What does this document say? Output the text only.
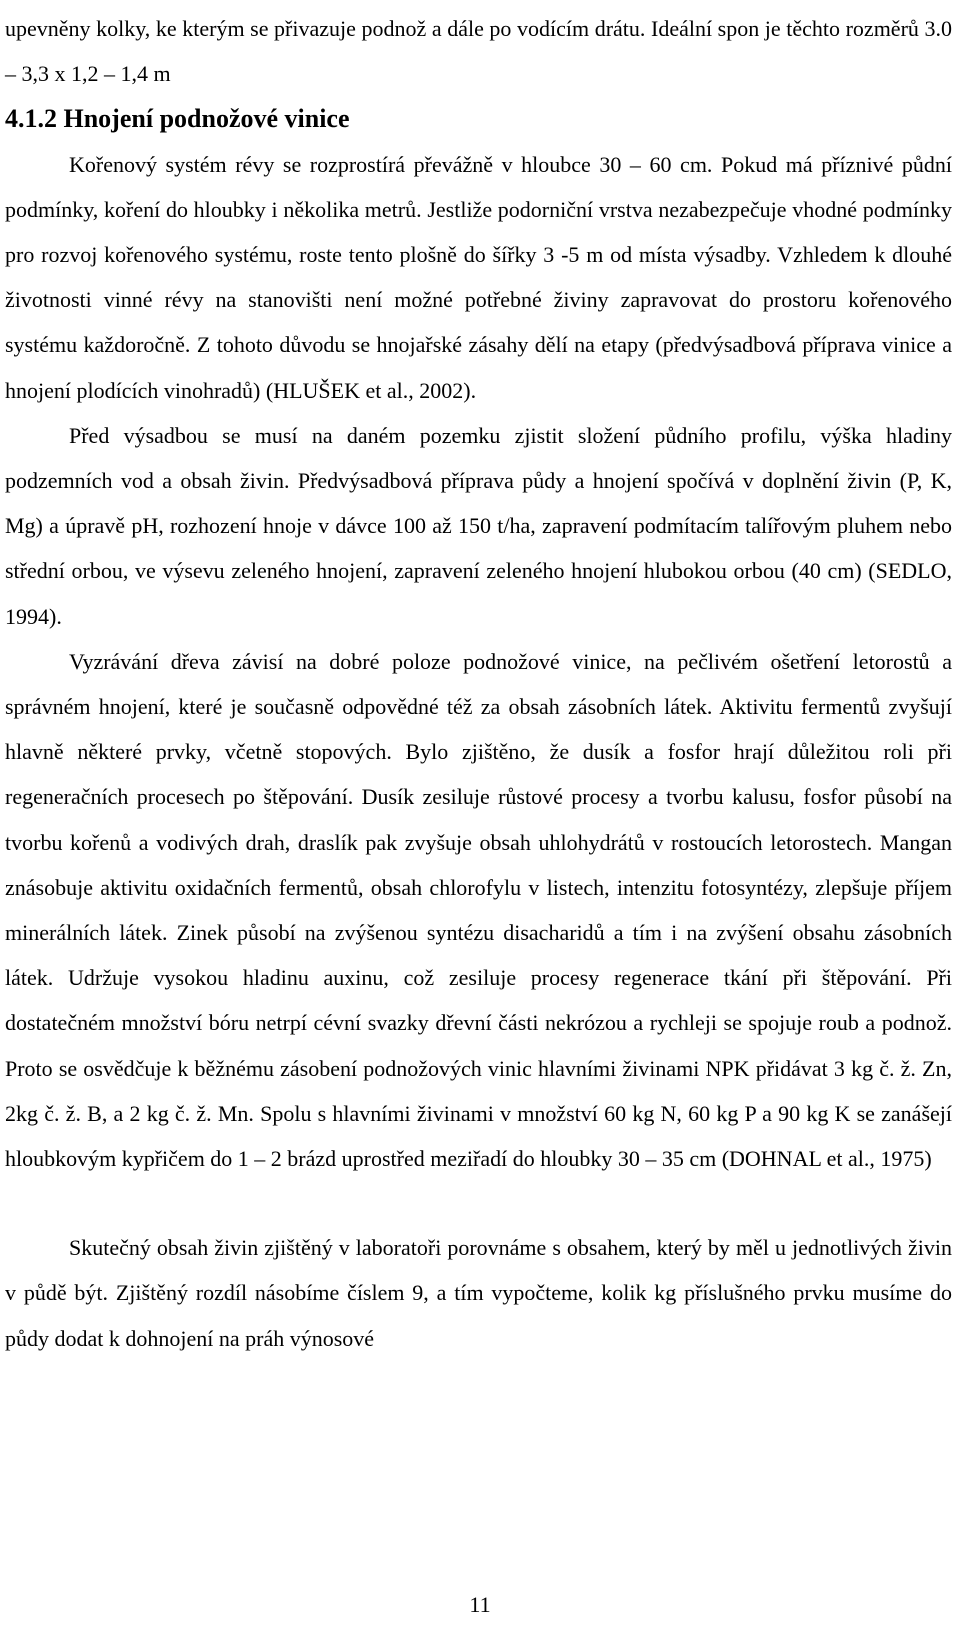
upevněny kolky, ke kterým se přivazuje podnož a dále po vodícím drátu. Ideální spon je těchto rozměrů 3.0 – 3,3 x 1,2 – 1,4 m

4.1.2 Hnojení podnožové vinice

Kořenový systém révy se rozprostírá převážně v hloubce 30 – 60 cm. Pokud má příznivé půdní podmínky, koření do hloubky i několika metrů. Jestliže podorniční vrstva nezabezpečuje vhodné podmínky pro rozvoj kořenového systému, roste tento plošně do šířky 3 -5 m od místa výsadby. Vzhledem k dlouhé životnosti vinné révy na stanovišti není možné potřebné živiny zapravovat do prostoru kořenového systému každoročně. Z tohoto důvodu se hnojařské zásahy dělí na etapy (předvýsadbová příprava vinice a hnojení plodících vinohradů) (HLUŠEK et al., 2002).

Před výsadbou se musí na daném pozemku zjistit složení půdního profilu, výška hladiny podzemních vod a obsah živin. Předvýsadbová příprava půdy a hnojení spočívá v doplnění živin (P, K, Mg) a úpravě pH, rozhození hnoje v dávce 100 až 150 t/ha, zapravení podmítacím talířovým pluhem nebo střední orbou, ve výsevu zeleného hnojení, zapravení zeleného hnojení hlubokou orbou (40 cm) (SEDLO, 1994).

Vyzrávání dřeva závisí na dobré poloze podnožové vinice, na pečlivém ošetření letorostů a správném hnojení, které je současně odpovědné též za obsah zásobních látek. Aktivitu fermentů zvyšují hlavně některé prvky, včetně stopových. Bylo zjištěno, že dusík a fosfor hrají důležitou roli při regeneračních procesech po štěpování. Dusík zesiluje růstové procesy a tvorbu kalusu, fosfor působí na tvorbu kořenů a vodivých drah, draslík pak zvyšuje obsah uhlohydrátů v rostoucích letorostech. Mangan znásobuje aktivitu oxidačních fermentů, obsah chlorofylu v listech, intenzitu fotosyntézy, zlepšuje příjem minerálních látek. Zinek působí na zvýšenou syntézu disacharidů a tím i na zvýšení obsahu zásobních látek. Udržuje vysokou hladinu auxinu, což zesiluje procesy regenerace tkání při štěpování. Při dostatečném množství bóru netrpí cévní svazky dřevní části nekrózou a rychleji se spojuje roub a podnož. Proto se osvědčuje k běžnému zásobení podnožových vinic hlavními živinami NPK přidávat 3 kg č. ž. Zn, 2kg č. ž. B, a 2 kg č. ž. Mn. Spolu s hlavními živinami v množství 60 kg N, 60 kg P a 90 kg K se zanášejí hloubkovým kypřičem do 1 – 2 brázd uprostřed meziřadí do hloubky 30 – 35 cm (DOHNAL et al., 1975)

Skutečný obsah živin zjištěný v laboratoři porovnáme s obsahem, který by měl u jednotlivých živin v půdě být. Zjištěný rozdíl násobíme číslem 9, a tím vypočteme, kolik kg příslušného prvku musíme do půdy dodat k dohnojení na práh výnosové

11
